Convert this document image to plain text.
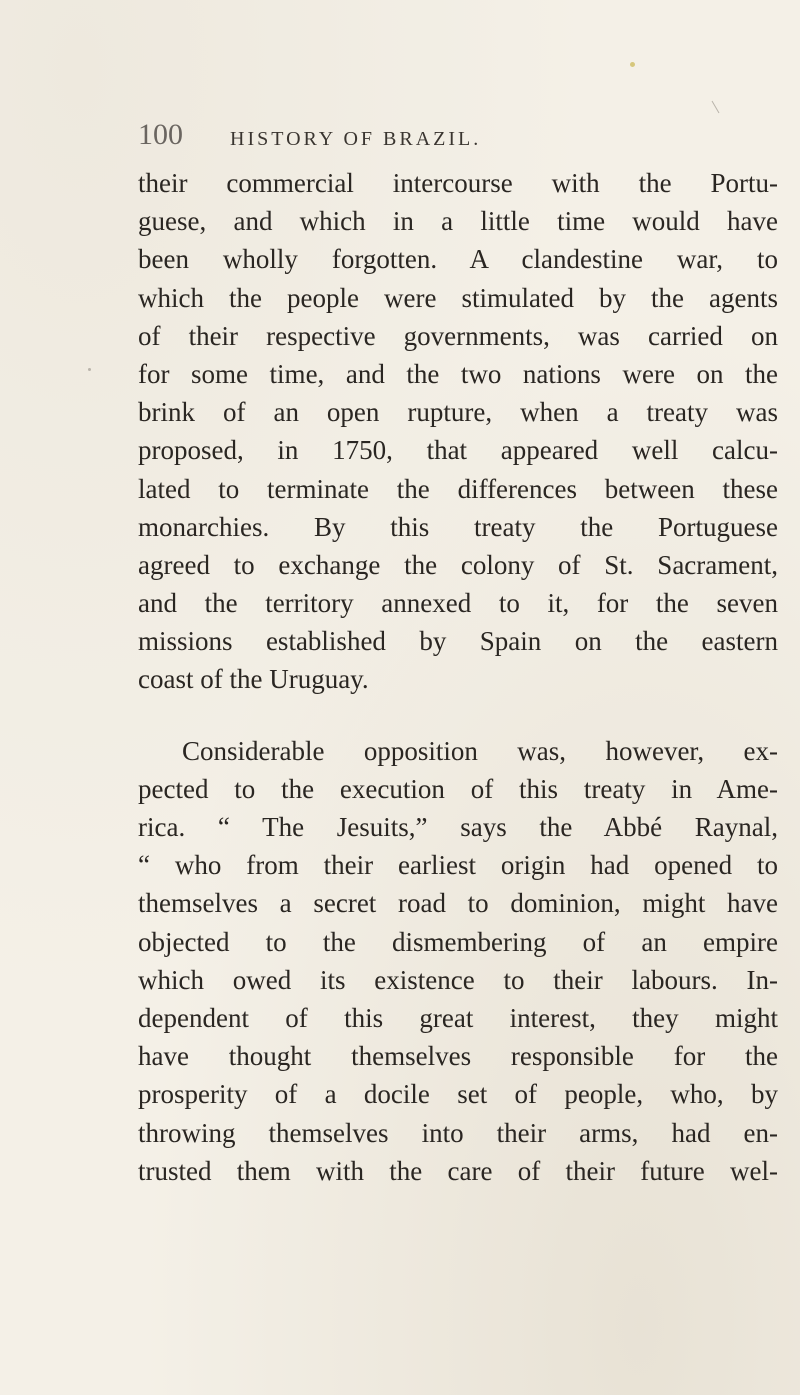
100 HISTORY OF BRAZIL.
their commercial intercourse with the Portu-
guese, and which in a little time would have
been wholly forgotten. A clandestine war, to
which the people were stimulated by the agents
of their respective governments, was carried on
for some time, and the two nations were on the
brink of an open rupture, when a treaty was
proposed, in 1750, that appeared well calcu-
lated to terminate the differences between these
monarchies. By this treaty the Portuguese
agreed to exchange the colony of St. Sacrament,
and the territory annexed to it, for the seven
missions established by Spain on the eastern
coast of the Uruguay.
Considerable opposition was, however, ex-
pected to the execution of this treaty in Ame-
rica. “ The Jesuits,” says the Abbé Raynal,
“ who from their earliest origin had opened to
themselves a secret road to dominion, might have
objected to the dismembering of an empire
which owed its existence to their labours. In-
dependent of this great interest, they might
have thought themselves responsible for the
prosperity of a docile set of people, who, by
throwing themselves into their arms, had en-
trusted them with the care of their future wel-
